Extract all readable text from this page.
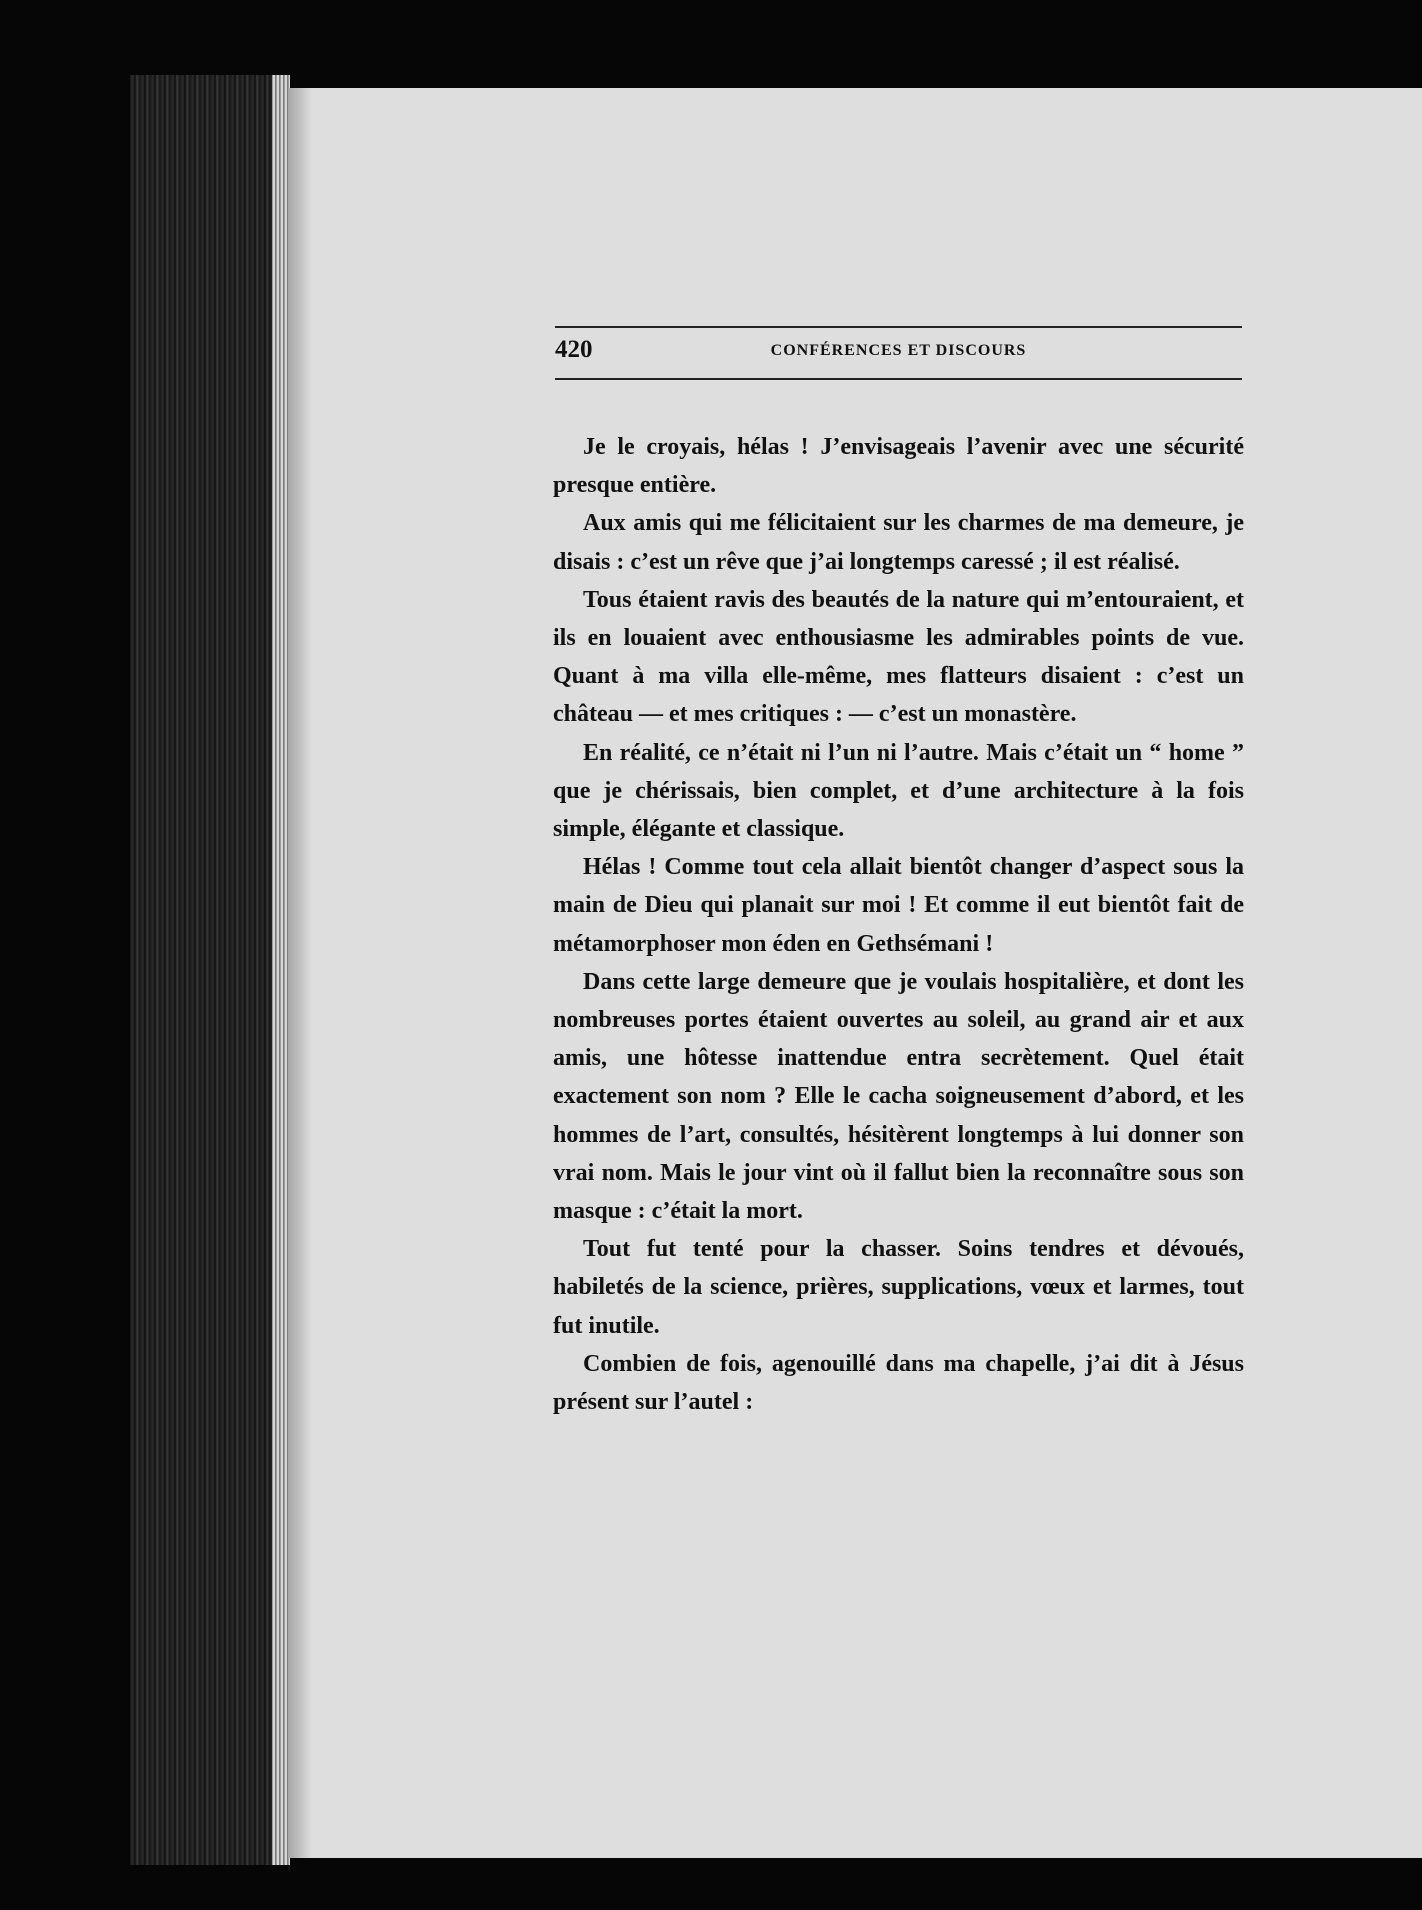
420	CONFÉRENCES ET DISCOURS

Je le croyais, hélas ! J’envisageais l’avenir avec une sécurité presque entière.

Aux amis qui me félicitaient sur les charmes de ma demeure, je disais : c’est un rêve que j’ai longtemps caressé ; il est réalisé.

Tous étaient ravis des beautés de la nature qui m’entouraient, et ils en louaient avec enthousiasme les admirables points de vue. Quant à ma villa elle-même, mes flatteurs disaient : c’est un château — et mes critiques : — c’est un monastère.

En réalité, ce n’était ni l’un ni l’autre. Mais c’était un “ home ” que je chérissais, bien complet, et d’une architecture à la fois simple, élégante et classique.

Hélas ! Comme tout cela allait bientôt changer d’aspect sous la main de Dieu qui planait sur moi ! Et comme il eut bientôt fait de métamorphoser mon éden en Gethsémani !

Dans cette large demeure que je voulais hospitalière, et dont les nombreuses portes étaient ouvertes au soleil, au grand air et aux amis, une hôtesse inattendue entra secrètement. Quel était exactement son nom ? Elle le cacha soigneusement d’abord, et les hommes de l’art, consultés, hésitèrent longtemps à lui donner son vrai nom. Mais le jour vint où il fallut bien la reconnaître sous son masque : c’était la mort.

Tout fut tenté pour la chasser. Soins tendres et dévoués, habiletés de la science, prières, supplications, vœux et larmes, tout fut inutile.

Combien de fois, agenouillé dans ma chapelle, j’ai dit à Jésus présent sur l’autel :
